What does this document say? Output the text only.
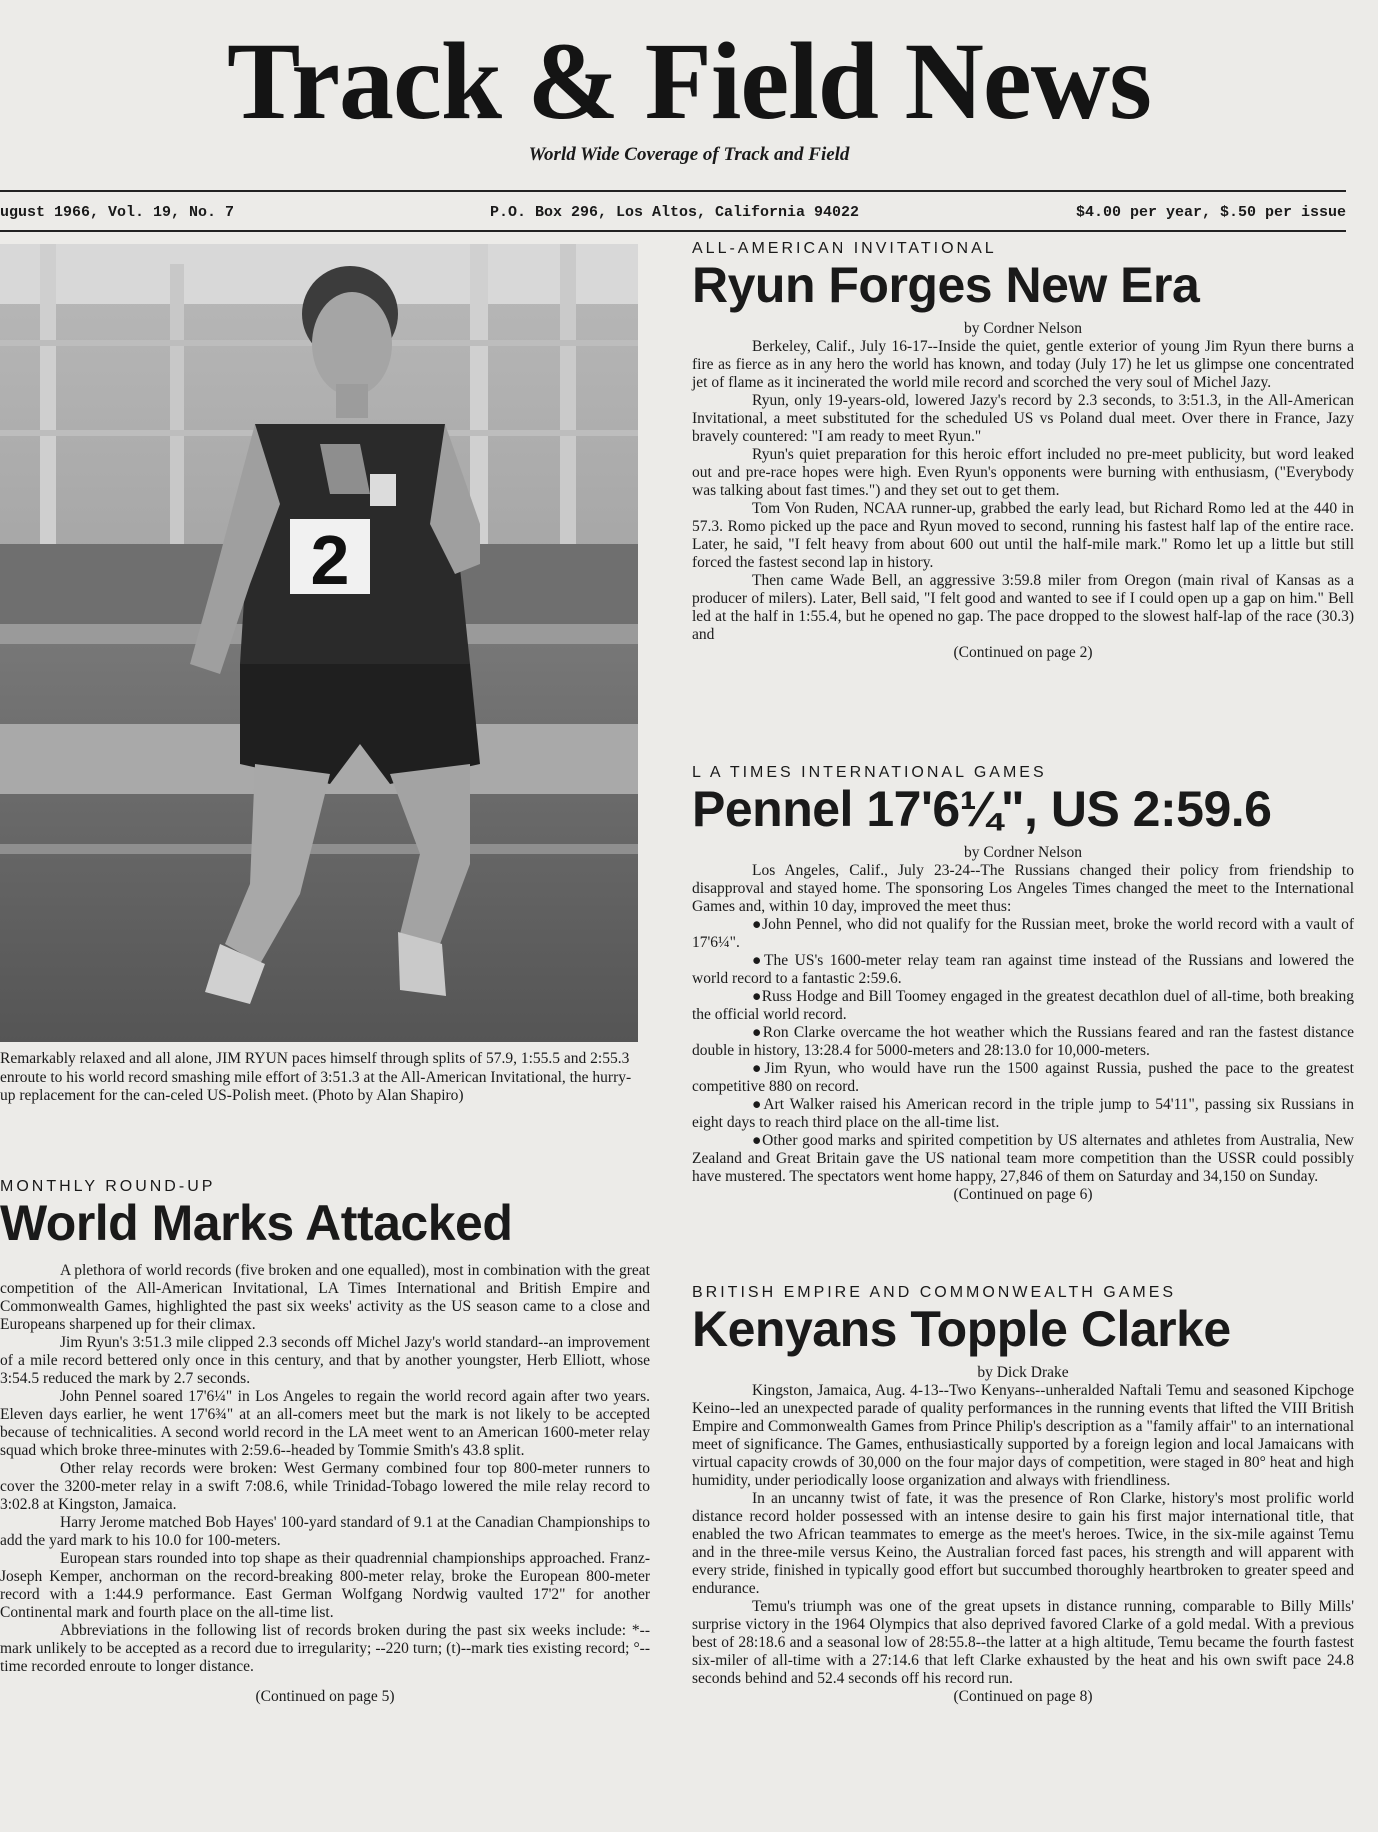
Track & Field News
World Wide Coverage of Track and Field
ugust 1966, Vol. 19, No. 7	P.O. Box 296, Los Altos, California 94022	$4.00 per year, $.50 per issue
2
Remarkably relaxed and all alone, JIM RYUN paces himself through splits of 57.9, 1:55.5 and 2:55.3 enroute to his world record smashing mile effort of 3:51.3 at the All-American Invitational, the hurry-up replacement for the can-celed US-Polish meet. (Photo by Alan Shapiro)
MONTHLY ROUND-UP
World Marks Attacked

A plethora of world records (five broken and one equalled), most in combination with the great competition of the All-American Invitational, LA Times International and British Empire and Commonwealth Games, highlighted the past six weeks' activity as the US season came to a close and Europeans sharpened up for their climax.

Jim Ryun's 3:51.3 mile clipped 2.3 seconds off Michel Jazy's world standard--an improvement of a mile record bettered only once in this century, and that by another youngster, Herb Elliott, whose 3:54.5 reduced the mark by 2.7 seconds.

John Pennel soared 17'6¼" in Los Angeles to regain the world record again after two years. Eleven days earlier, he went 17'6¾" at an all-comers meet but the mark is not likely to be accepted because of technicalities. A second world record in the LA meet went to an American 1600-meter relay squad which broke three-minutes with 2:59.6--headed by Tommie Smith's 43.8 split.

Other relay records were broken: West Germany combined four top 800-meter runners to cover the 3200-meter relay in a swift 7:08.6, while Trinidad-Tobago lowered the mile relay record to 3:02.8 at Kingston, Jamaica.

Harry Jerome matched Bob Hayes' 100-yard standard of 9.1 at the Canadian Championships to add the yard mark to his 10.0 for 100-meters.

European stars rounded into top shape as their quadrennial championships approached. Franz-Joseph Kemper, anchorman on the record-breaking 800-meter relay, broke the European 800-meter record with a 1:44.9 performance. East German Wolfgang Nordwig vaulted 17'2" for another Continental mark and fourth place on the all-time list.

Abbreviations in the following list of records broken during the past six weeks include: *--mark unlikely to be accepted as a record due to irregularity; --220 turn; (t)--mark ties existing record; °--time recorded enroute to longer distance.

(Continued on page 5)
ALL-AMERICAN INVITATIONAL
Ryun Forges New Era
by Cordner Nelson

Berkeley, Calif., July 16-17--Inside the quiet, gentle exterior of young Jim Ryun there burns a fire as fierce as in any hero the world has known, and today (July 17) he let us glimpse one concentrated jet of flame as it incinerated the world mile record and scorched the very soul of Michel Jazy.

Ryun, only 19-years-old, lowered Jazy's record by 2.3 seconds, to 3:51.3, in the All-American Invitational, a meet substituted for the scheduled US vs Poland dual meet. Over there in France, Jazy bravely countered: "I am ready to meet Ryun."

Ryun's quiet preparation for this heroic effort included no pre-meet publicity, but word leaked out and pre-race hopes were high. Even Ryun's opponents were burning with enthusiasm, ("Everybody was talking about fast times.") and they set out to get them.

Tom Von Ruden, NCAA runner-up, grabbed the early lead, but Richard Romo led at the 440 in 57.3. Romo picked up the pace and Ryun moved to second, running his fastest half lap of the entire race. Later, he said, "I felt heavy from about 600 out until the half-mile mark." Romo let up a little but still forced the fastest second lap in history.

Then came Wade Bell, an aggressive 3:59.8 miler from Oregon (main rival of Kansas as a producer of milers). Later, Bell said, "I felt good and wanted to see if I could open up a gap on him." Bell led at the half in 1:55.4, but he opened no gap. The pace dropped to the slowest half-lap of the race (30.3) and

(Continued on page 2)
L A TIMES INTERNATIONAL GAMES
Pennel 17'6¼", US 2:59.6
by Cordner Nelson

Los Angeles, Calif., July 23-24--The Russians changed their policy from friendship to disapproval and stayed home. The sponsoring Los Angeles Times changed the meet to the International Games and, within 10 day, improved the meet thus:

●John Pennel, who did not qualify for the Russian meet, broke the world record with a vault of 17'6¼".

●The US's 1600-meter relay team ran against time instead of the Russians and lowered the world record to a fantastic 2:59.6.

●Russ Hodge and Bill Toomey engaged in the greatest decathlon duel of all-time, both breaking the official world record.

●Ron Clarke overcame the hot weather which the Russians feared and ran the fastest distance double in history, 13:28.4 for 5000-meters and 28:13.0 for 10,000-meters.

●Jim Ryun, who would have run the 1500 against Russia, pushed the pace to the greatest competitive 880 on record.

●Art Walker raised his American record in the triple jump to 54'11", passing six Russians in eight days to reach third place on the all-time list.

●Other good marks and spirited competition by US alternates and athletes from Australia, New Zealand and Great Britain gave the US national team more competition than the USSR could possibly have mustered. The spectators went home happy, 27,846 of them on Saturday and 34,150 on Sunday.

(Continued on page 6)
BRITISH EMPIRE AND COMMONWEALTH GAMES
Kenyans Topple Clarke
by Dick Drake

Kingston, Jamaica, Aug. 4-13--Two Kenyans--unheralded Naftali Temu and seasoned Kipchoge Keino--led an unexpected parade of quality performances in the running events that lifted the VIII British Empire and Commonwealth Games from Prince Philip's description as a "family affair" to an international meet of significance. The Games, enthusiastically supported by a foreign legion and local Jamaicans with virtual capacity crowds of 30,000 on the four major days of competition, were staged in 80° heat and high humidity, under periodically loose organization and always with friendliness.

In an uncanny twist of fate, it was the presence of Ron Clarke, history's most prolific world distance record holder possessed with an intense desire to gain his first major international title, that enabled the two African teammates to emerge as the meet's heroes. Twice, in the six-mile against Temu and in the three-mile versus Keino, the Australian forced fast paces, his strength and will apparent with every stride, finished in typically good effort but succumbed thoroughly heartbroken to greater speed and endurance.

Temu's triumph was one of the great upsets in distance running, comparable to Billy Mills' surprise victory in the 1964 Olympics that also deprived favored Clarke of a gold medal. With a previous best of 28:18.6 and a seasonal low of 28:55.8--the latter at a high altitude, Temu became the fourth fastest six-miler of all-time with a 27:14.6 that left Clarke exhausted by the heat and his own swift pace 24.8 seconds behind and 52.4 seconds off his record run.

(Continued on page 8)
